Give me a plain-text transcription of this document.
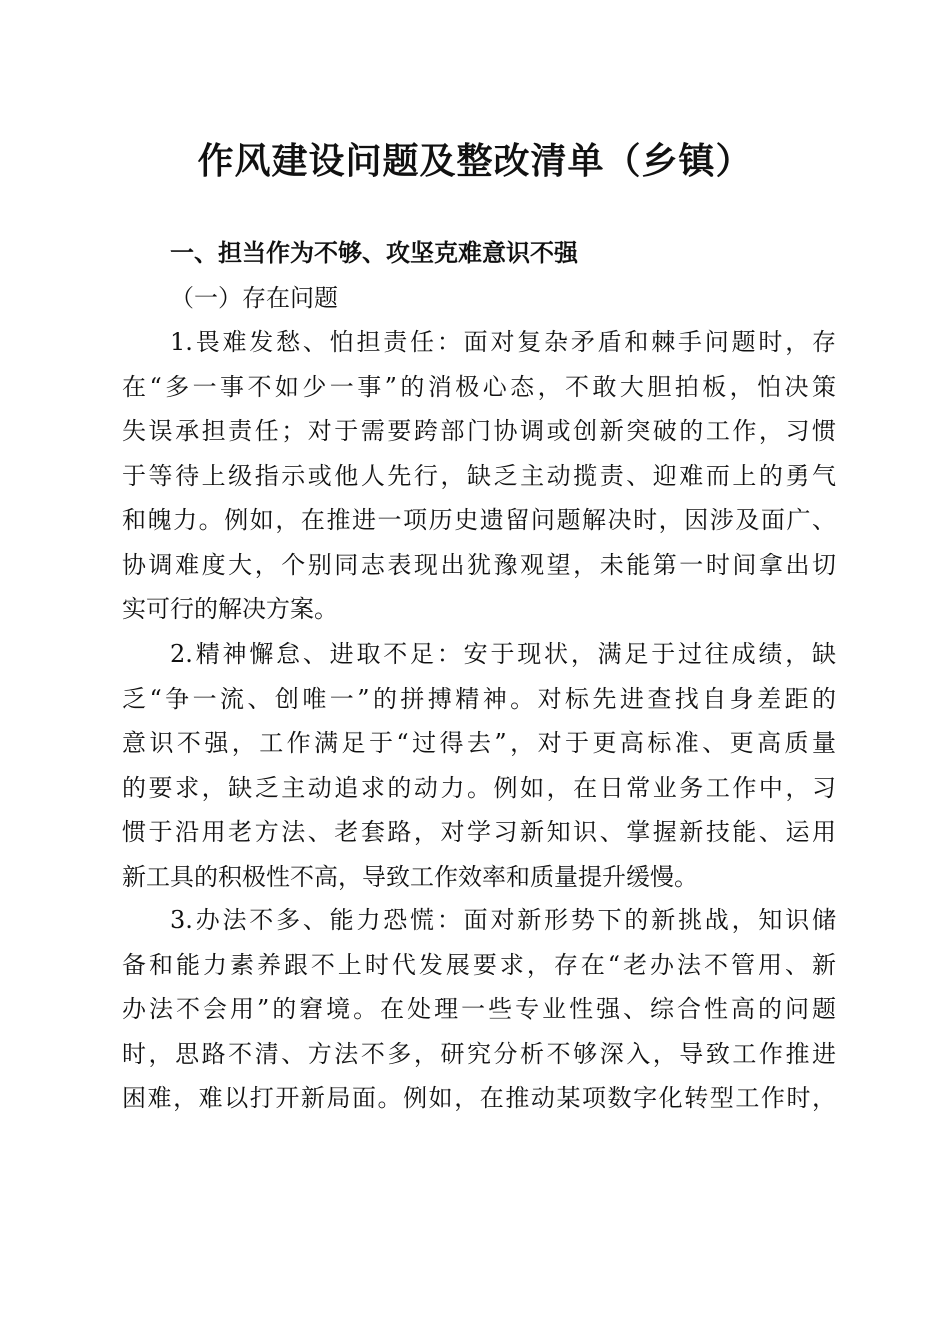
作风建设问题及整改清单（乡镇）
一、担当作为不够、攻坚克难意识不强
（一）存在问题
1.畏难发愁、怕担责任：面对复杂矛盾和棘手问题时，存
在“多一事不如少一事”的消极心态，不敢大胆拍板，怕决策
失误承担责任；对于需要跨部门协调或创新突破的工作，习惯
于等待上级指示或他人先行，缺乏主动揽责、迎难而上的勇气
和魄力。例如，在推进一项历史遗留问题解决时，因涉及面广、
协调难度大，个别同志表现出犹豫观望，未能第一时间拿出切
实可行的解决方案。
2.精神懈怠、进取不足：安于现状，满足于过往成绩，缺
乏“争一流、创唯一”的拼搏精神。对标先进查找自身差距的
意识不强，工作满足于“过得去”，对于更高标准、更高质量
的要求，缺乏主动追求的动力。例如，在日常业务工作中，习
惯于沿用老方法、老套路，对学习新知识、掌握新技能、运用
新工具的积极性不高，导致工作效率和质量提升缓慢。
3.办法不多、能力恐慌：面对新形势下的新挑战，知识储
备和能力素养跟不上时代发展要求，存在“老办法不管用、新
办法不会用”的窘境。在处理一些专业性强、综合性高的问题
时，思路不清、方法不多，研究分析不够深入，导致工作推进
困难，难以打开新局面。例如，在推动某项数字化转型工作时，
